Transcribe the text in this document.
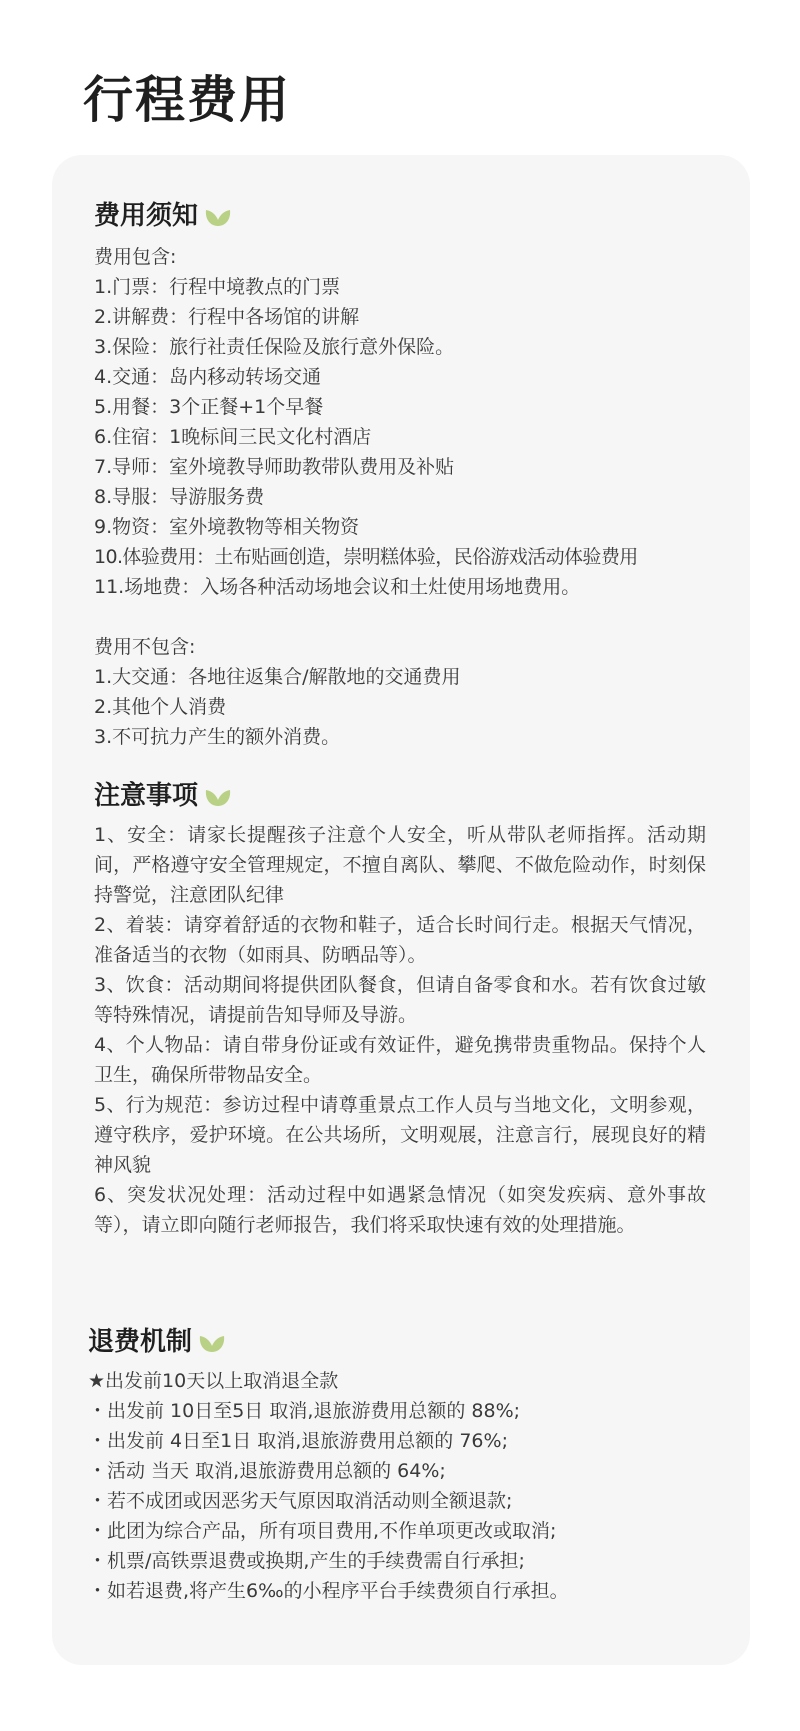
行程费用
费用须知
费用包含:
1.门票：行程中境教点的门票
2.讲解费：行程中各场馆的讲解
3.保险：旅行社责任保险及旅行意外保险。
4.交通：岛内移动转场交通
5.用餐：3个正餐+1个早餐
6.住宿：1晚标间三民文化村酒店
7.导师：室外境教导师助教带队费用及补贴
8.导服：导游服务费
9.物资：室外境教物等相关物资
10.体验费用：土布贴画创造，崇明糕体验，民俗游戏活动体验费用
11.场地费：入场各种活动场地会议和土灶使用场地费用。
费用不包含:
1.大交通：各地往返集合/解散地的交通费用
2.其他个人消费
3.不可抗力产生的额外消费。
注意事项

1、安全：请家长提醒孩子注意个人安全，听从带队老师指挥。活动期间，严格遵守安全管理规定，不擅自离队、攀爬、不做危险动作，时刻保持警觉，注意团队纪律

2、着装：请穿着舒适的衣物和鞋子，适合长时间行走。根据天气情况，准备适当的衣物（如雨具、防晒品等）。

3、饮食：活动期间将提供团队餐食，但请自备零食和水。若有饮食过敏等特殊情况，请提前告知导师及导游。

4、个人物品：请自带身份证或有效证件，避免携带贵重物品。保持个人卫生，确保所带物品安全。

5、行为规范：参访过程中请尊重景点工作人员与当地文化，文明参观，遵守秩序，爱护环境。在公共场所，文明观展，注意言行，展现良好的精神风貌

6、突发状况处理：活动过程中如遇紧急情况（如突发疾病、意外事故等），请立即向随行老师报告，我们将采取快速有效的处理措施。

退费机制
★出发前10天以上取消退全款
・出发前 10日至5日 取消,退旅游费用总额的 88%;
・出发前 4日至1日 取消,退旅游费用总额的 76%;
・活动 当天 取消,退旅游费用总额的 64%;
・若不成团或因恶劣天气原因取消活动则全额退款;
・此团为综合产品，所有项目费用,不作单项更改或取消;
・机票/高铁票退费或换期,产生的手续费需自行承担;
・如若退费,将产生6‰的小程序平台手续费须自行承担。
